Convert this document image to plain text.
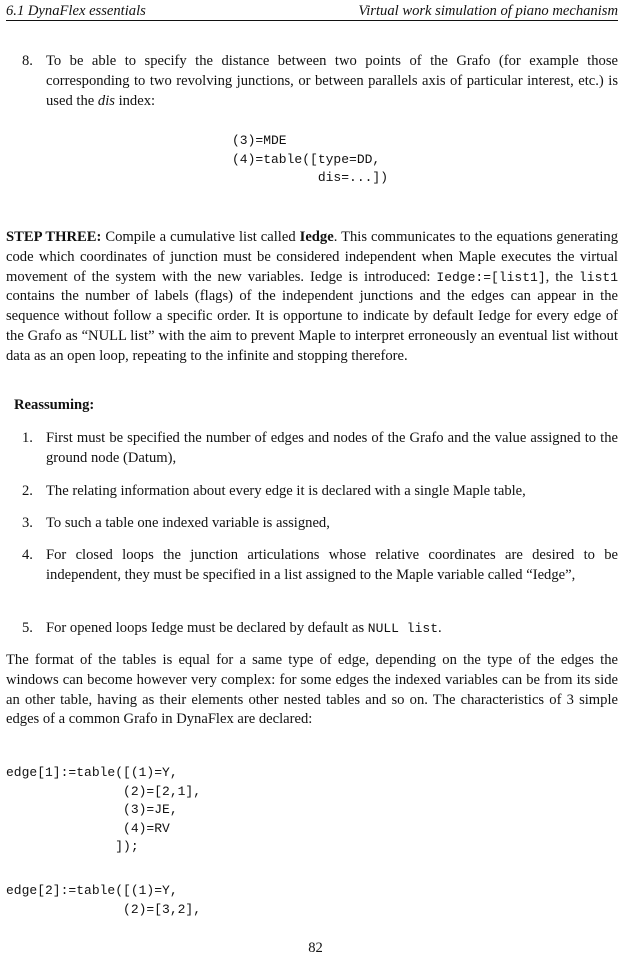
6.1 DynaFlex essentials	Virtual work simulation of piano mechanism
8. To be able to specify the distance between two points of the Grafo (for example those corresponding to two revolving junctions, or between parallels axis of particular interest, etc.) is used the dis index:
(3)=MDE
(4)=table([type=DD,
dis=...])
STEP THREE: Compile a cumulative list called Iedge. This communicates to the equations generating code which coordinates of junction must be considered independent when Maple executes the virtual movement of the system with the new variables. Iedge is introduced: Iedge:=[list1], the list1 contains the number of labels (flags) of the independent junctions and the edges can appear in the sequence without follow a specific order. It is opportune to indicate by default Iedge for every edge of the Grafo as “NULL list” with the aim to prevent Maple to interpret erroneously an eventual list without data as an open loop, repeating to the infinite and stopping therefore.
Reassuming:
1. First must be specified the number of edges and nodes of the Grafo and the value assigned to the ground node (Datum),
2. The relating information about every edge it is declared with a single Maple table,
3. To such a table one indexed variable is assigned,
4. For closed loops the junction articulations whose relative coordinates are desired to be independent, they must be specified in a list assigned to the Maple variable called “Iedge”,
5. For opened loops Iedge must be declared by default as NULL list.
The format of the tables is equal for a same type of edge, depending on the type of the edges the windows can become however very complex: for some edges the indexed variables can be from its side an other table, having as their elements other nested tables and so on. The characteristics of 3 simple edges of a common Grafo in DynaFlex are declared:
edge[1]:=table([(1)=Y,
(2)=[2,1],
(3)=JE,
(4)=RV
]);
edge[2]:=table([(1)=Y,
(2)=[3,2],
82
